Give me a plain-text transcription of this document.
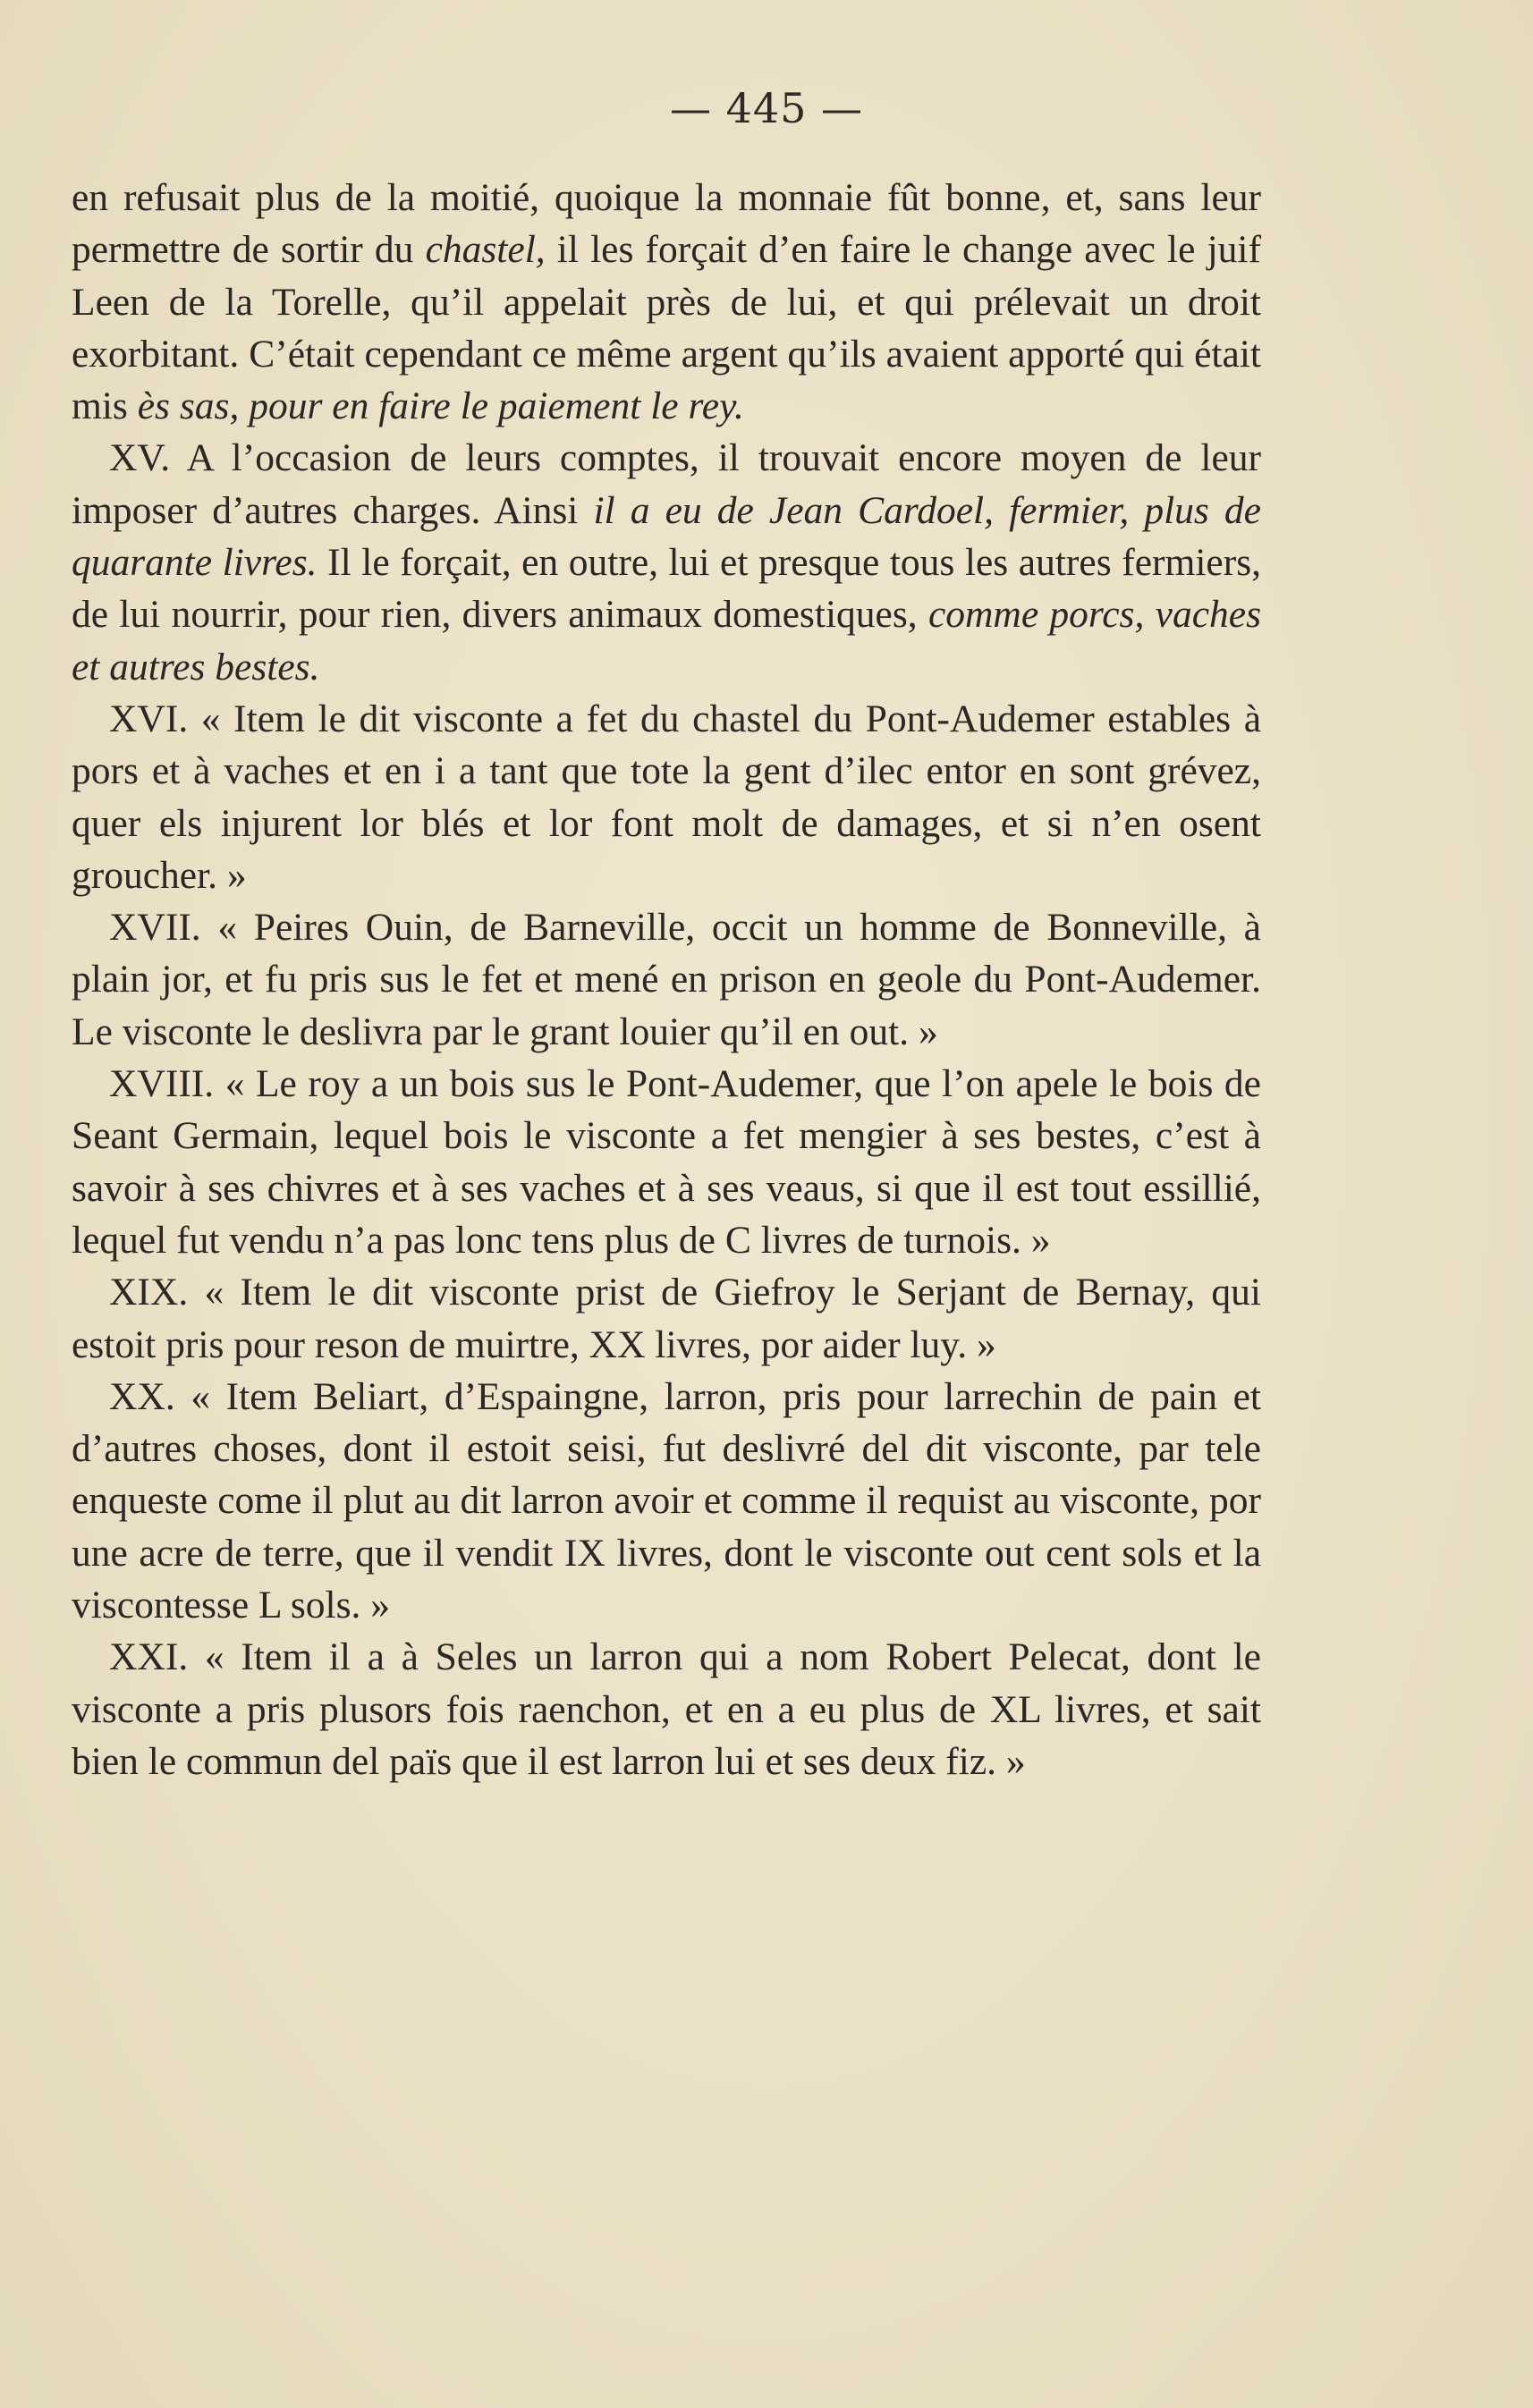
— 445 —

en refusait plus de la moitié, quoique la monnaie fût bonne, et, sans leur permettre de sortir du chastel, il les forçait d’en faire le change avec le juif Leen de la Torelle, qu’il appelait près de lui, et qui prélevait un droit exorbitant. C’était cependant ce même argent qu’ils avaient apporté qui était mis ès sas, pour en faire le paiement le rey.

XV. A l’occasion de leurs comptes, il trouvait encore moyen de leur imposer d’autres charges. Ainsi il a eu de Jean Cardoel, fermier, plus de quarante livres. Il le forçait, en outre, lui et presque tous les autres fermiers, de lui nourrir, pour rien, divers animaux domestiques, comme porcs, vaches et autres bestes.

XVI. « Item le dit visconte a fet du chastel du Pont-Audemer estables à pors et à vaches et en i a tant que tote la gent d’ilec entor en sont grévez, quer els injurent lor blés et lor font molt de damages, et si n’en osent groucher. »

XVII. « Peires Ouin, de Barneville, occit un homme de Bonneville, à plain jor, et fu pris sus le fet et mené en prison en geole du Pont-Audemer. Le visconte le deslivra par le grant louier qu’il en out. »

XVIII. « Le roy a un bois sus le Pont-Audemer, que l’on apele le bois de Seant Germain, lequel bois le visconte a fet mengier à ses bestes, c’est à savoir à ses chivres et à ses vaches et à ses veaus, si que il est tout essillié, lequel fut vendu n’a pas lonc tens plus de C livres de turnois. »

XIX. « Item le dit visconte prist de Giefroy le Serjant de Bernay, qui estoit pris pour reson de muirtre, XX livres, por aider luy. »

XX. « Item Beliart, d’Espaingne, larron, pris pour larrechin de pain et d’autres choses, dont il estoit seisi, fut deslivré del dit visconte, par tele enqueste come il plut au dit larron avoir et comme il requist au visconte, por une acre de terre, que il vendit IX livres, dont le visconte out cent sols et la viscontesse L sols. »

XXI. « Item il a à Seles un larron qui a nom Robert Pelecat, dont le visconte a pris plusors fois raenchon, et en a eu plus de XL livres, et sait bien le commun del païs que il est larron lui et ses deux fiz. »
